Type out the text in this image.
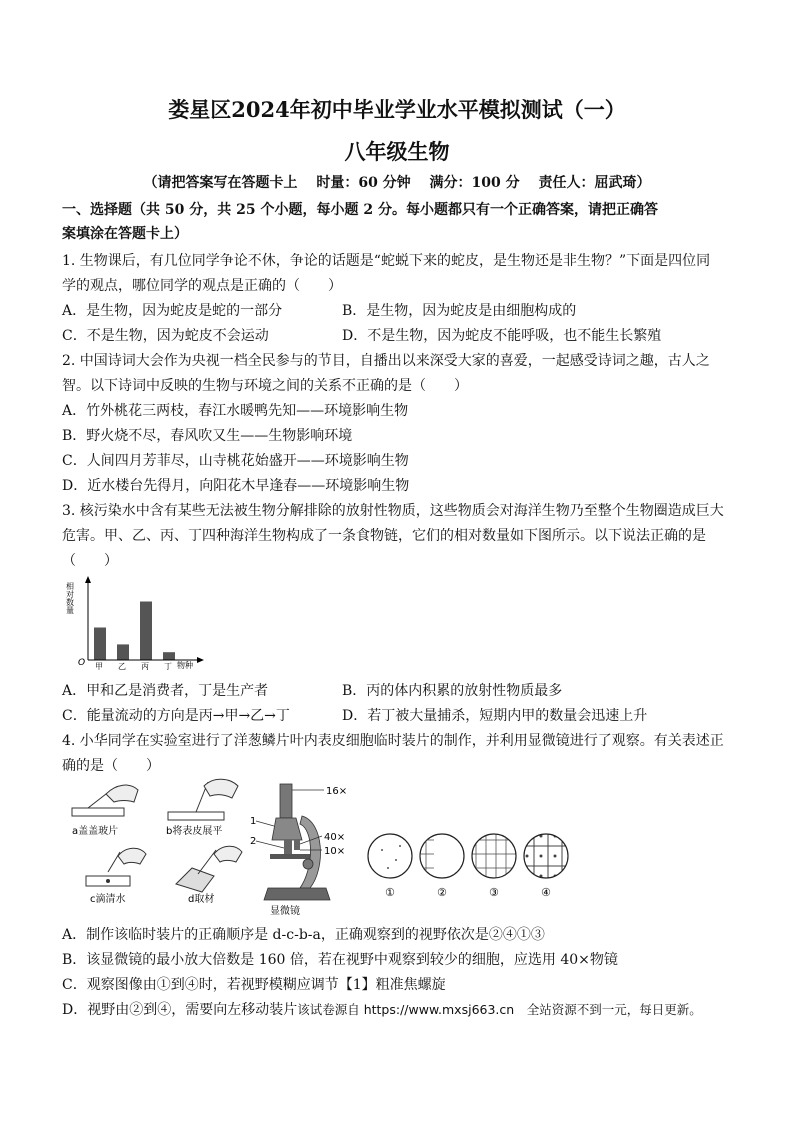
娄星区2024年初中毕业学业水平模拟测试（一）
八年级生物
（请把答案写在答题卡上　 时量：60 分钟　 满分：100 分　 责任人：屈武琦）
一、选择题（共 50 分，共 25 个小题，每小题 2 分。每小题都只有一个正确答案，请把正确答
案填涂在答题卡上）
1. 生物课后，有几位同学争论不休，争论的话题是“蛇蜕下来的蛇皮，是生物还是非生物？”下面是四位同
学的观点，哪位同学的观点是正确的（　　）
A．是生物，因为蛇皮是蛇的一部分	B．是生物，因为蛇皮是由细胞构成的
C．不是生物，因为蛇皮不会运动	D．不是生物，因为蛇皮不能呼吸，也不能生长繁殖
2. 中国诗词大会作为央视一档全民参与的节目，自播出以来深受大家的喜爱，一起感受诗词之趣，古人之
智。以下诗词中反映的生物与环境之间的关系不正确的是（　　）
A．竹外桃花三两枝，春江水暖鸭先知——环境影响生物
B．野火烧不尽，春风吹又生——生物影响环境
C．人间四月芳菲尽，山寺桃花始盛开——环境影响生物
D．近水楼台先得月，向阳花木早逢春——环境影响生物
3. 核污染水中含有某些无法被生物分解排除的放射性物质，这些物质会对海洋生物乃至整个生物圈造成巨大
危害。甲、乙、丙、丁四种海洋生物构成了一条食物链，它们的相对数量如下图所示。以下说法正确的是
（　　）
O
相对数量
物种
甲 乙 丙 丁
A．甲和乙是消费者，丁是生产者	B．丙的体内积累的放射性物质最多
C．能量流动的方向是丙→甲→乙→丁	D．若丁被大量捕杀，短期内甲的数量会迅速上升
4. 小华同学在实验室进行了洋葱鳞片叶内表皮细胞临时装片的制作，并利用显微镜进行了观察。有关表述正
确的是（　　）
a盖盖玻片	b将表皮展平
c滴清水	d取材
16×
1
2	40×
10×
显微镜
①	②	③	④
A．制作该临时装片的正确顺序是 d-c-b-a，正确观察到的视野依次是②④①③
B．该显微镜的最小放大倍数是 160 倍，若在视野中观察到较少的细胞，应选用 40×物镜
C．观察图像由①到④时，若视野模糊应调节【1】粗准焦螺旋
D．视野由②到④，需要向左移动装片该试卷源自 https://www.mxsj663.cn　全站资源不到一元，每日更新。
